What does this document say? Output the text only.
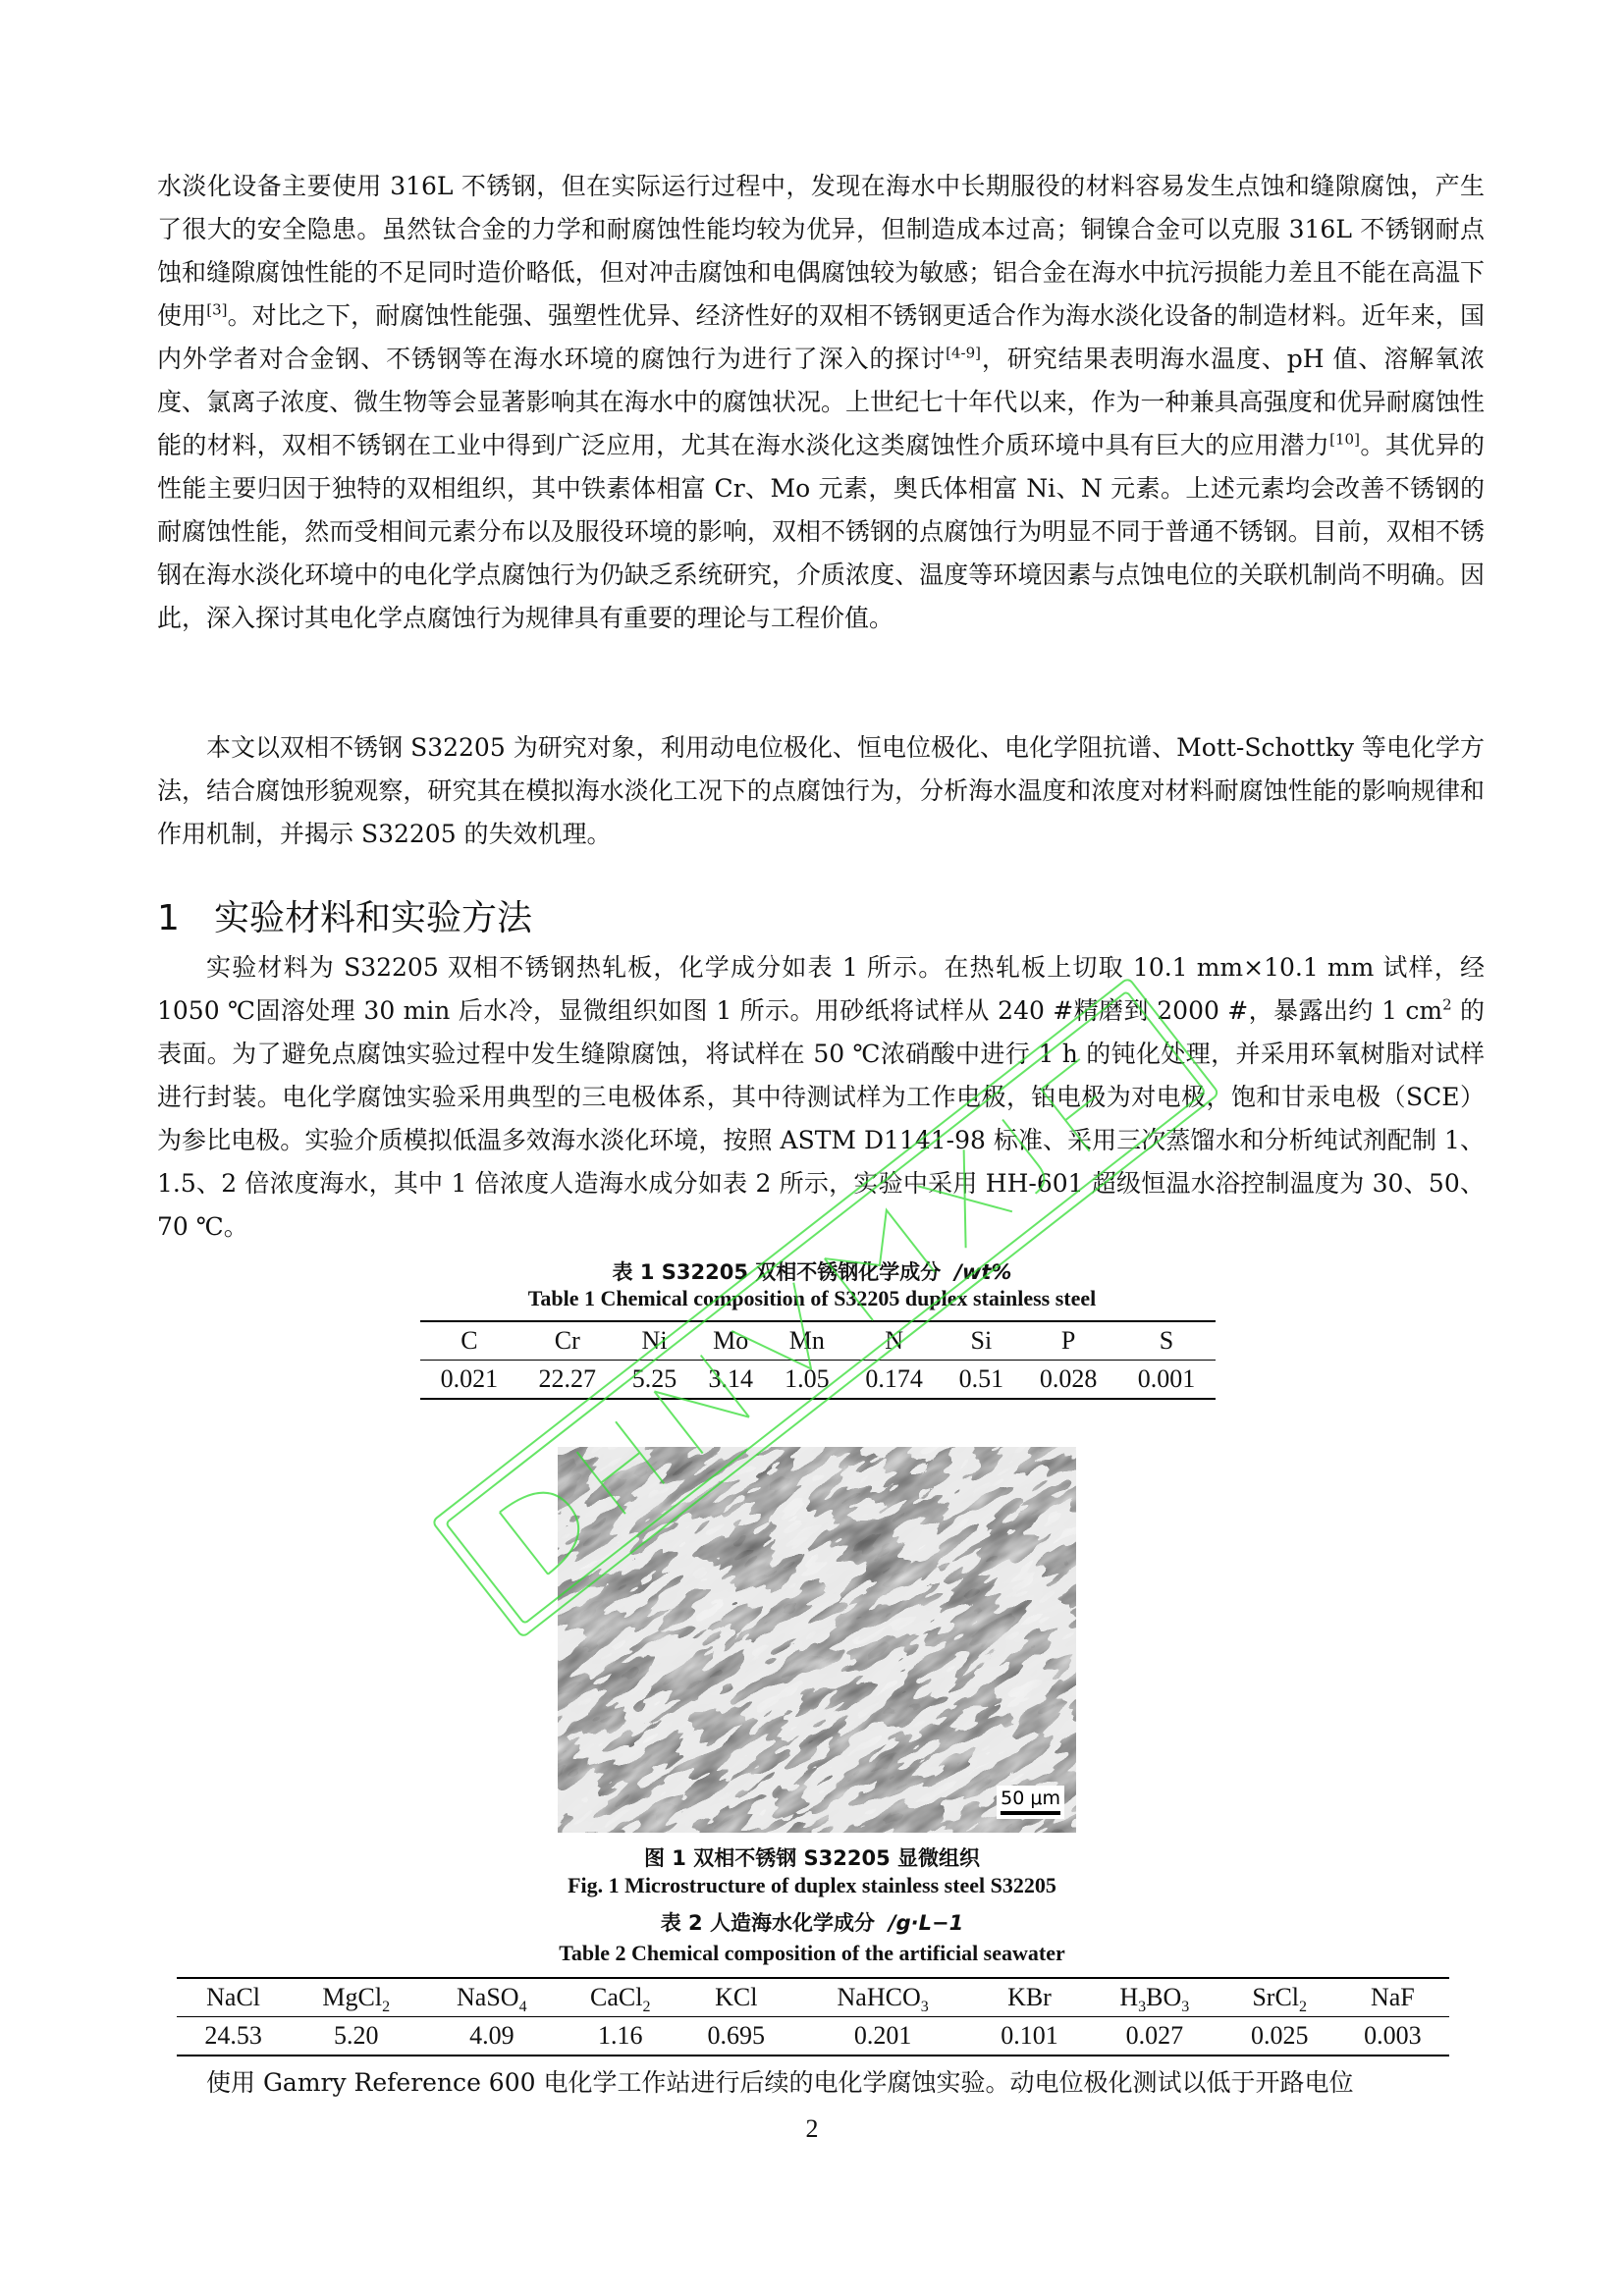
水淡化设备主要使用 316L 不锈钢，但在实际运行过程中，发现在海水中长期服役的材料容易发生点蚀和缝隙腐蚀，产生了很大的安全隐患。虽然钛合金的力学和耐腐蚀性能均较为优异，但制造成本过高；铜镍合金可以克服 316L 不锈钢耐点蚀和缝隙腐蚀性能的不足同时造价略低，但对冲击腐蚀和电偶腐蚀较为敏感；铝合金在海水中抗污损能力差且不能在高温下使用[3]。对比之下，耐腐蚀性能强、强塑性优异、经济性好的双相不锈钢更适合作为海水淡化设备的制造材料。近年来，国内外学者对合金钢、不锈钢等在海水环境的腐蚀行为进行了深入的探讨[4-9]，研究结果表明海水温度、pH 值、溶解氧浓度、氯离子浓度、微生物等会显著影响其在海水中的腐蚀状况。上世纪七十年代以来，作为一种兼具高强度和优异耐腐蚀性能的材料，双相不锈钢在工业中得到广泛应用，尤其在海水淡化这类腐蚀性介质环境中具有巨大的应用潜力[10]。其优异的性能主要归因于独特的双相组织，其中铁素体相富 Cr、Mo 元素，奥氏体相富 Ni、N 元素。上述元素均会改善不锈钢的耐腐蚀性能，然而受相间元素分布以及服役环境的影响，双相不锈钢的点腐蚀行为明显不同于普通不锈钢。目前，双相不锈钢在海水淡化环境中的电化学点腐蚀行为仍缺乏系统研究，介质浓度、温度等环境因素与点蚀电位的关联机制尚不明确。因此，深入探讨其电化学点腐蚀行为规律具有重要的理论与工程价值。

本文以双相不锈钢 S32205 为研究对象，利用动电位极化、恒电位极化、电化学阻抗谱、Mott-Schottky 等电化学方法，结合腐蚀形貌观察，研究其在模拟海水淡化工况下的点腐蚀行为，分析海水温度和浓度对材料耐腐蚀性能的影响规律和作用机制，并揭示 S32205 的失效机理。

1 实验材料和实验方法

实验材料为 S32205 双相不锈钢热轧板，化学成分如表 1 所示。在热轧板上切取 10.1 mm×10.1 mm 试样，经 1050 ℃固溶处理 30 min 后水冷，显微组织如图 1 所示。用砂纸将试样从 240 #精磨到 2000 #，暴露出约 1 $cm^2$ 的表面。为了避免点腐蚀实验过程中发生缝隙腐蚀，将试样在 50 ℃浓硝酸中进行 1 h 的钝化处理，并采用环氧树脂对试样进行封装。电化学腐蚀实验采用典型的三电极体系，其中待测试样为工作电极，铂电极为对电极，饱和甘汞电极（SCE）为参比电极。实验介质模拟低温多效海水淡化环境，按照 ASTM D1141-98 标准、采用三次蒸馏水和分析纯试剂配制 1、1.5、2 倍浓度海水，其中 1 倍浓度人造海水成分如表 2 所示，实验中采用 HH-601 超级恒温水浴控制温度为 30、50、70 ℃。

表 1 S32205 双相不锈钢化学成分 /wt%

Table 1 Chemical composition of S32205 duplex stainless steel

C	Cr	Ni	Mo	Mn	N	Si	P	S
0.021	22.27	5.25	3.14	1.05	0.174	0.51	0.028	0.001
50 μm

图 1 双相不锈钢 S32205 显微组织

Fig. 1 Microstructure of duplex stainless steel S32205

表 2 人造海水化学成分 /g·L−1

Table 2 Chemical composition of the artificial seawater

NaCl	MgCl$_2$	NaSO$_4$	CaCl$_2$	KCl	NaHCO$_3$	KBr	$H_3BO_3$	SrCl$_2$	NaF
24.53	5.20	4.09	1.16	0.695	0.201	0.101	0.027	0.025	0.003

使用 Gamry Reference 600 电化学工作站进行后续的电化学腐蚀实验。动电位极化测试以低于开路电位

2
